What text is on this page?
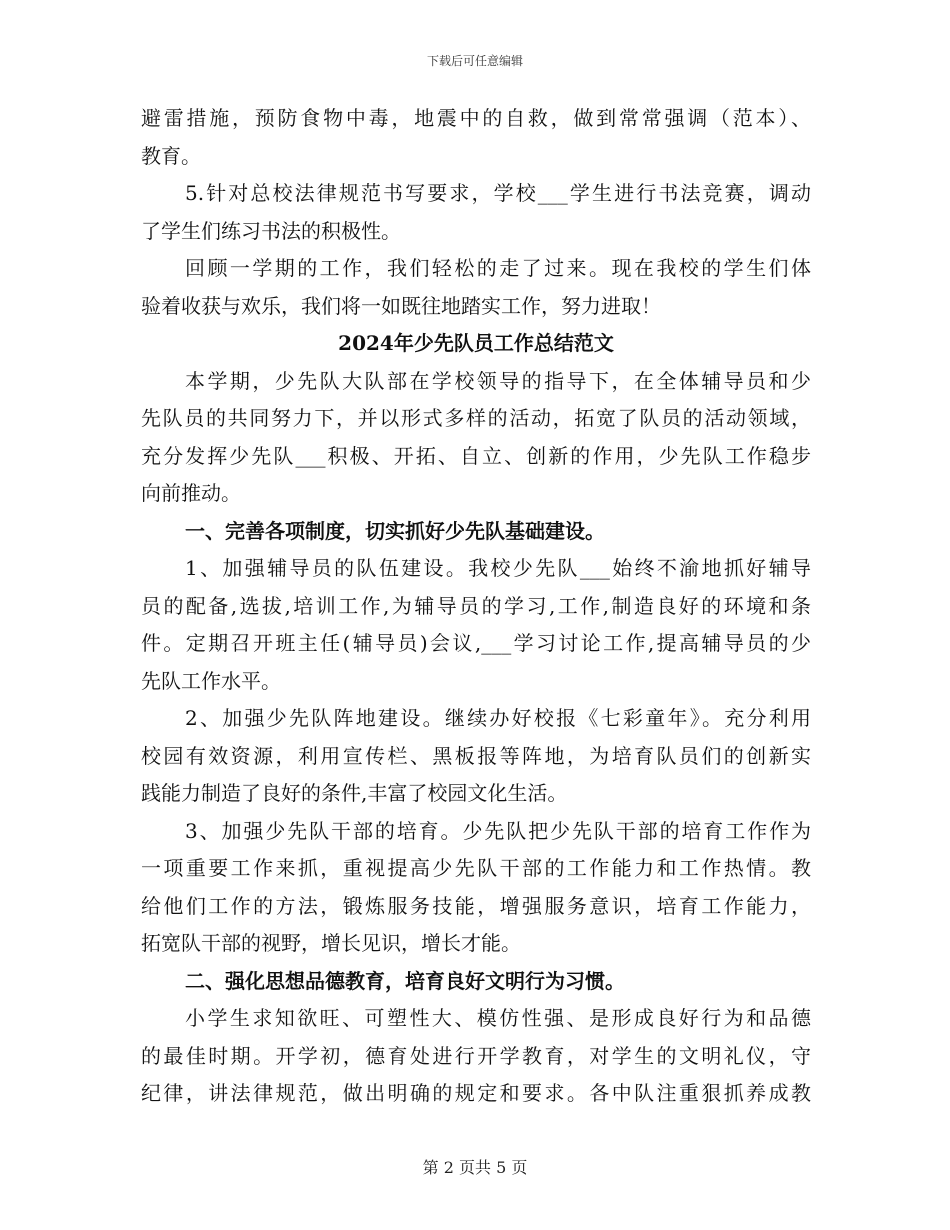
下载后可任意编辑
避雷措施，预防食物中毒，地震中的自救，做到常常强调（范本）、
教育。
5.针对总校法律规范书写要求，学校___学生进行书法竞赛，调动
了学生们练习书法的积极性。
回顾一学期的工作，我们轻松的走了过来。现在我校的学生们体
验着收获与欢乐，我们将一如既往地踏实工作，努力进取！
2024年少先队员工作总结范文
本学期，少先队大队部在学校领导的指导下，在全体辅导员和少
先队员的共同努力下，并以形式多样的活动，拓宽了队员的活动领域，
充分发挥少先队___积极、开拓、自立、创新的作用，少先队工作稳步
向前推动。
一、完善各项制度，切实抓好少先队基础建设。
1、加强辅导员的队伍建设。我校少先队___始终不渝地抓好辅导
员的配备,选拔,培训工作,为辅导员的学习,工作,制造良好的环境和条
件。定期召开班主任(辅导员)会议,___学习讨论工作,提高辅导员的少
先队工作水平。
2、加强少先队阵地建设。继续办好校报《七彩童年》。充分利用
校园有效资源，利用宣传栏、黑板报等阵地，为培育队员们的创新实
践能力制造了良好的条件,丰富了校园文化生活。
3、加强少先队干部的培育。少先队把少先队干部的培育工作作为
一项重要工作来抓，重视提高少先队干部的工作能力和工作热情。教
给他们工作的方法，锻炼服务技能，增强服务意识，培育工作能力，
拓宽队干部的视野，增长见识，增长才能。
二、强化思想品德教育，培育良好文明行为习惯。
小学生求知欲旺、可塑性大、模仿性强、是形成良好行为和品德
的最佳时期。开学初，德育处进行开学教育，对学生的文明礼仪，守
纪律，讲法律规范，做出明确的规定和要求。各中队注重狠抓养成教
第 2 页共 5 页
